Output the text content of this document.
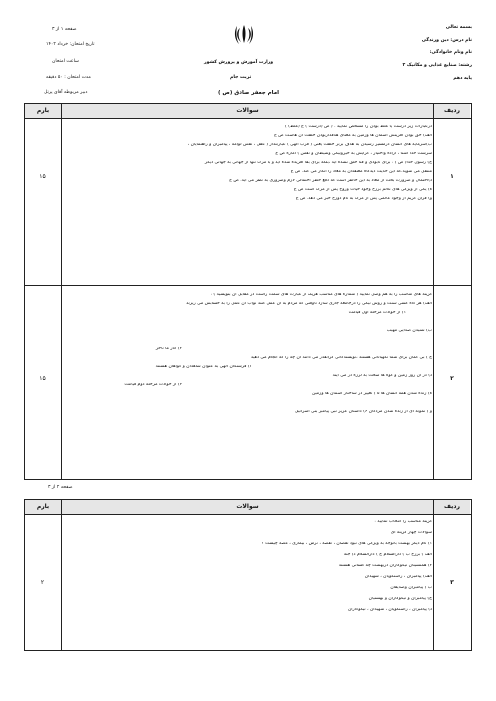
بسمه تعالی
نام درس: دین وزندگی
نام ونام خانوادگی:
رشته: صنایع غذایی و مکانیک ۲
پایه دهم
وزارت آموزش و پرورش کشور
تربت جام
امام جعفر صادق (ص )
صفحه ۱ از ۳
تاریخ امتحان: خرداد ۱۴۰۲
ساعت امتحان
مدت امتحان : ۵۰ دقیقه
دبیر مربوطه آقای پرتل
بارم	سوالات	ردیف
۱
۱۵
درعبارات زیر درست یا غلط بودن را مشخص نمایید . ( ص (درست ) غ (غلط) )
الف) حق بودن آفرینش آسمان ها وزمین به معنای هدفداربودن خلقت آن هاست ص غ
ب)سرمایه های انسان درمسیر رسیدن به هدف برتر خلقت یعنی ( قرب الهی ) عبارتنداز ( عقل ، نفس لوامه ، پیامبران و راهنمایان ،
سرشت خدا آشنا ، اراده واختیار ، گرایش به خیرونیکی وشیطان و نفس ) اماره ص غ
ج) رسول خدا( ص ) : برای نابودی و فنا خلق نشده اید ،بلکه برای بقا آفریده شده اید و با مرگ تنها از جهانی به جهانی دیگر
منتقل می شوید.که این حدیث دیدگاه معتقدان به معاد را انکار می کند. ص غ
د)احتمال و ضرورت بحث از معاد به این خاطر است که دفع خطر احتمالی لازم وضروری به نظر می آید. ص غ
ه) یکی از ویژگی های عالم برزخ وجود حیات وروح پس از مرگ است ص غ
و) قرآن کریم از وجود عالمی پس از مرگ به نام دوزخ خبر می دهد. ص غ
۲
۱۵
گزینه های مناسب را به هم وصل نمایید ( شماره های مناسب هریک از عبارت های سمت راست در مقابل آن بنویسید ) :
الف) هر گاه کسی سنت و روش نیکی را درجامعه جاری سازد تاوقتی که مردم به آن عمل کنند ثواب آن عمل را به حسابش می ریزند
۱) از حوادث مرحله اول قیامت
ب) شنیدن صدایی مهیب
۲) آثار ما تاخر
ج ) بی گمان برای شما نگهبانانی هستند ،نویسندگانی گرانقدر می دانند آن چه را که انجام می دهید
۳) فرشتگان الهی به عنوان شاهدان و گواهان هستند
د) در آن روز زمین و کوه ها سخت به لرزه در می آیند
۴) از حوادث مرحله دوم قیامت
ه) زنده شدن همه انسان ها ۵ ) تغییر در ساختار آسمان ها وزمین
و ) نمونه ای از زنده شدن مردگان ۶) داستان عزیر نبی پیامبر بنی اسرائیل
صفحه ۲ از ۳
بارم	سوالات	ردیف
۳
۲
گزینه مناسب را انتخاب نمایید :
سوالات چهار گزینه ای
۱) نام دیگر بهشت باتوجه به ویژگی های نبود نقصان ، نقصه ، ترس ، بیماری ، غصه چیست ؟
الف ) برزخ ب ) دارالسلام ج ) دارالسلام د) جنه
۲) همنشینان نیکوکاران دربهشت چه کسانی هستند
الف) پیامبران ، راستگویان ، شهیدان
ب ) پیامبران وصدیقان
ج) پیامبران و نیکوکاران و بهشتیان
د) پیامبران ، راستگویان ، شهیدان ، نیکوکاران
